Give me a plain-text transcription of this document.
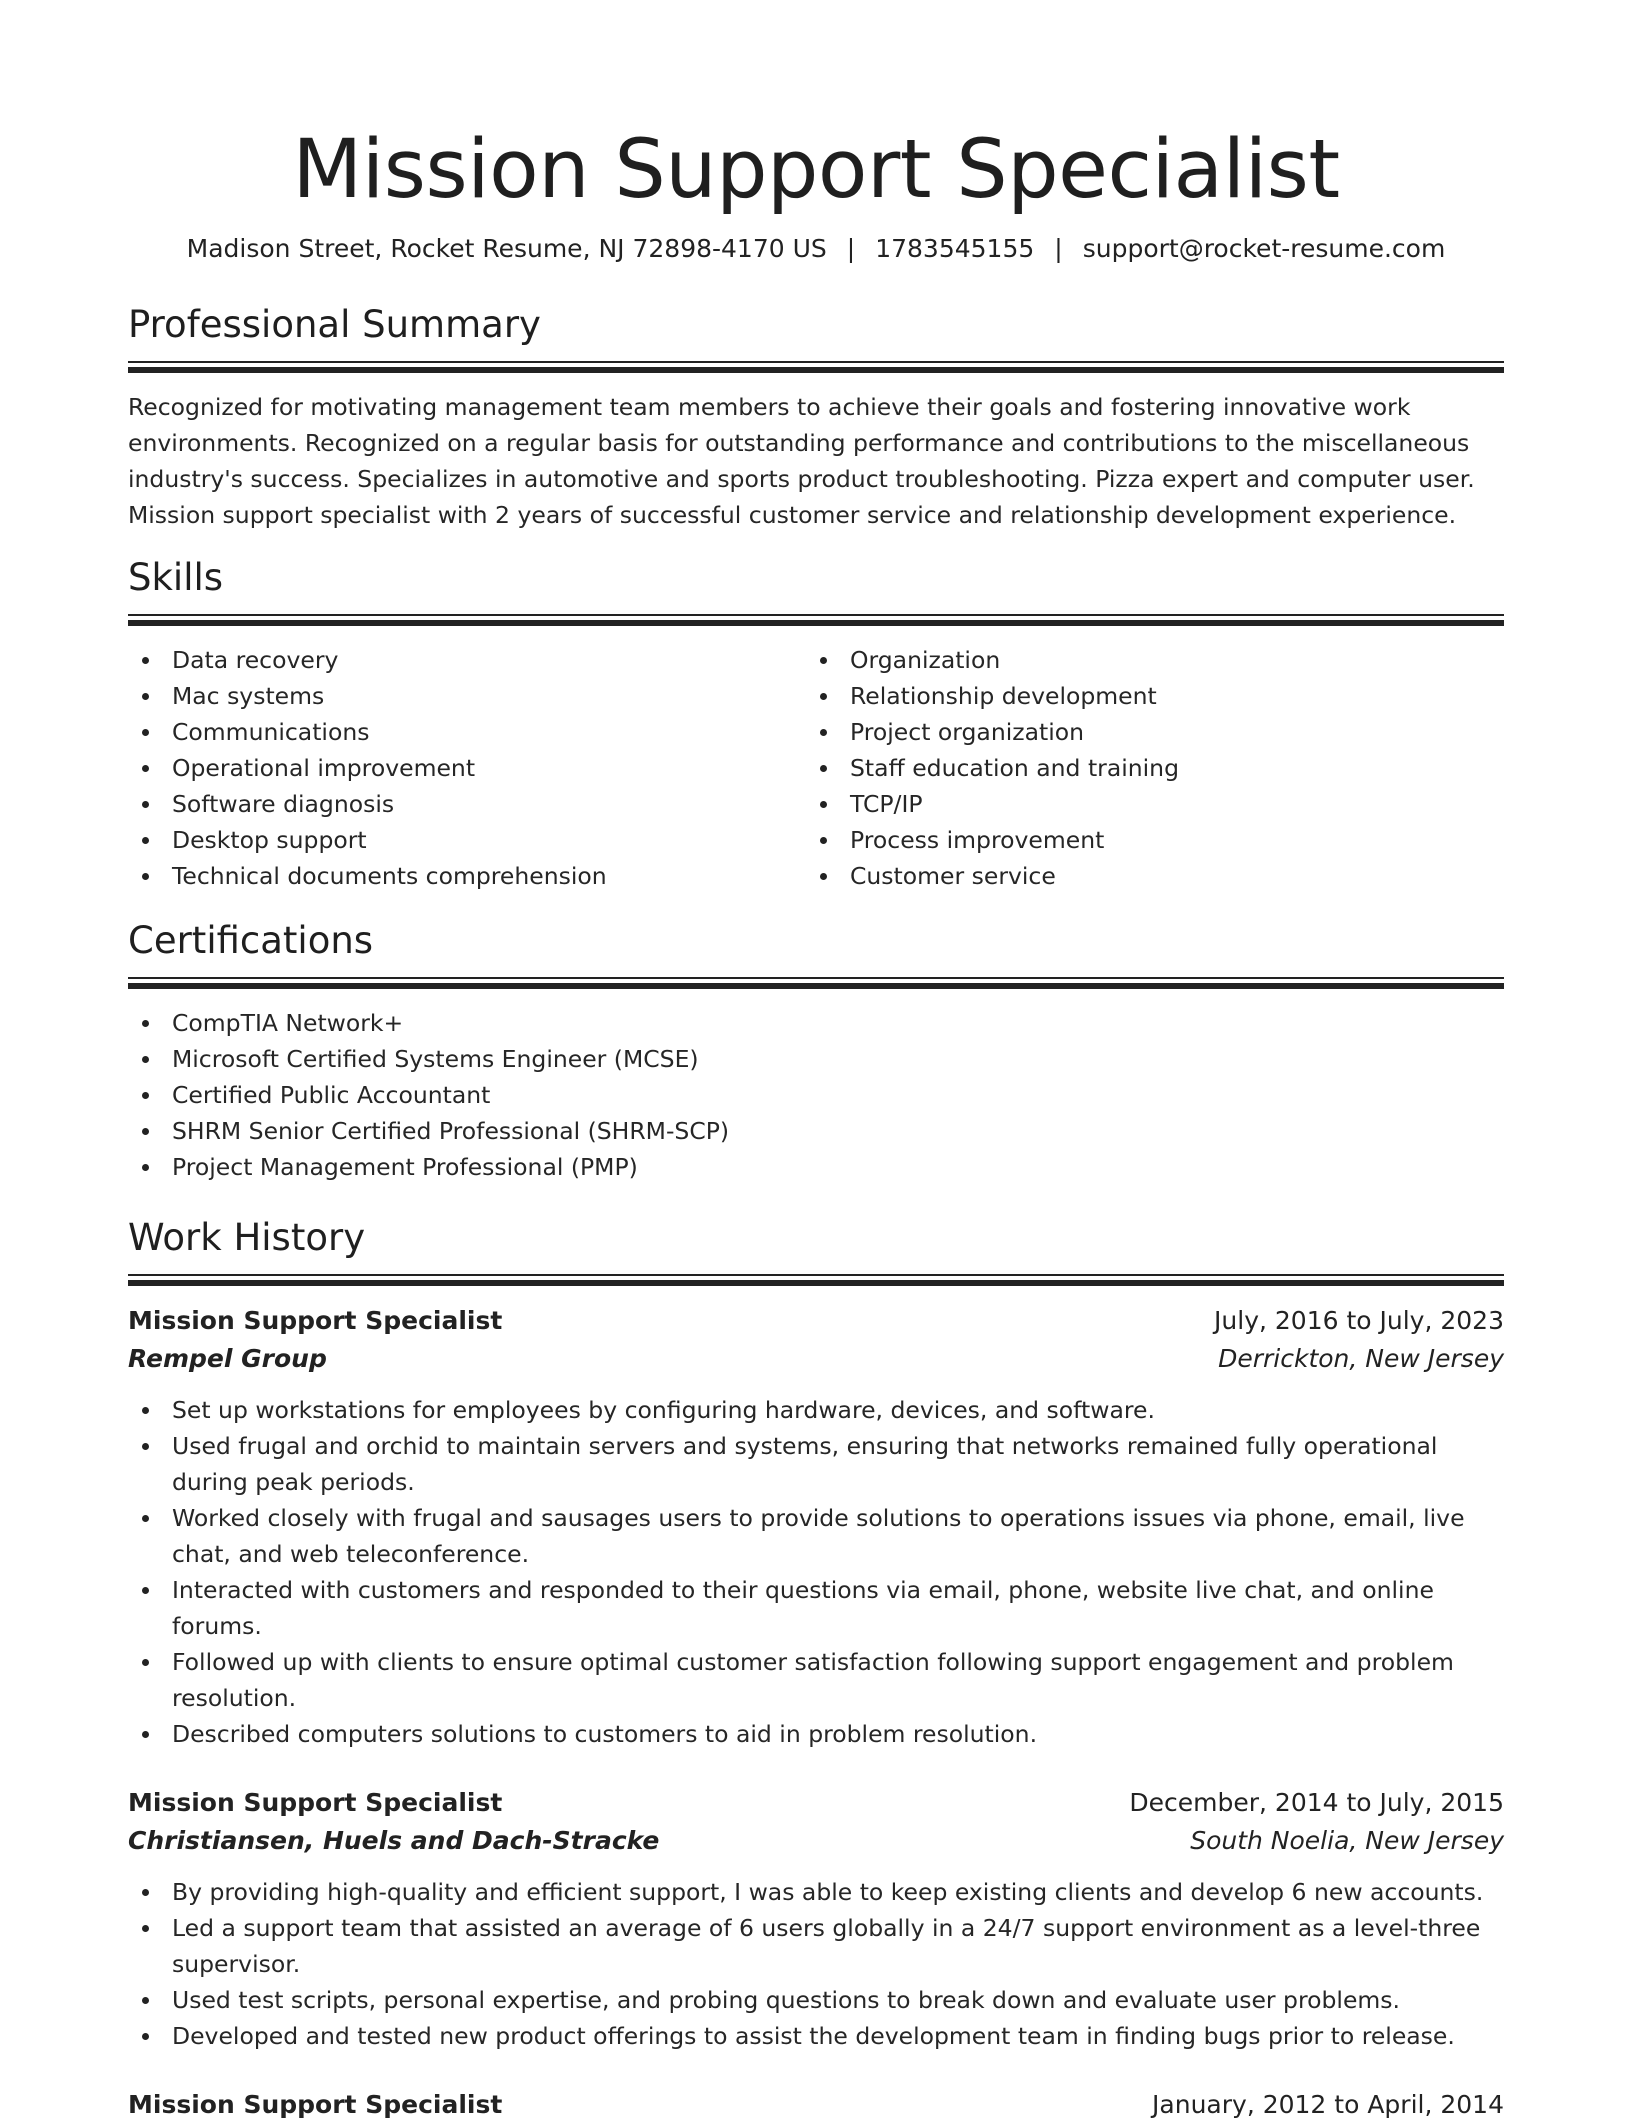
Mission Support Specialist
Madison Street, Rocket Resume, NJ 72898-4170 US | 1783545155 | support@rocket-resume.com
Professional Summary

Recognized for motivating management team members to achieve their goals and fostering innovative work environments. Recognized on a regular basis for outstanding performance and contributions to the miscellaneous industry's success. Specializes in automotive and sports product troubleshooting. Pizza expert and computer user. Mission support specialist with 2 years of successful customer service and relationship development experience.

Skills
Data recovery
Mac systems
Communications
Operational improvement
Software diagnosis
Desktop support
Technical documents comprehension
Organization
Relationship development
Project organization
Staff education and training
TCP/IP
Process improvement
Customer service
Certifications
CompTIA Network+
Microsoft Certified Systems Engineer (MCSE)
Certified Public Accountant
SHRM Senior Certified Professional (SHRM-SCP)
Project Management Professional (PMP)
Work History
Mission Support Specialist	July, 2016 to July, 2023
Rempel Group	Derrickton, New Jersey
Set up workstations for employees by configuring hardware, devices, and software.
Used frugal and orchid to maintain servers and systems, ensuring that networks remained fully operational during peak periods.
Worked closely with frugal and sausages users to provide solutions to operations issues via phone, email, live chat, and web teleconference.
Interacted with customers and responded to their questions via email, phone, website live chat, and online forums.
Followed up with clients to ensure optimal customer satisfaction following support engagement and problem resolution.
Described computers solutions to customers to aid in problem resolution.
Mission Support Specialist	December, 2014 to July, 2015
Christiansen, Huels and Dach-Stracke	South Noelia, New Jersey
By providing high-quality and efficient support, I was able to keep existing clients and develop 6 new accounts.
Led a support team that assisted an average of 6 users globally in a 24/7 support environment as a level-three supervisor.
Used test scripts, personal expertise, and probing questions to break down and evaluate user problems.
Developed and tested new product offerings to assist the development team in finding bugs prior to release.
Mission Support Specialist	January, 2012 to April, 2014
